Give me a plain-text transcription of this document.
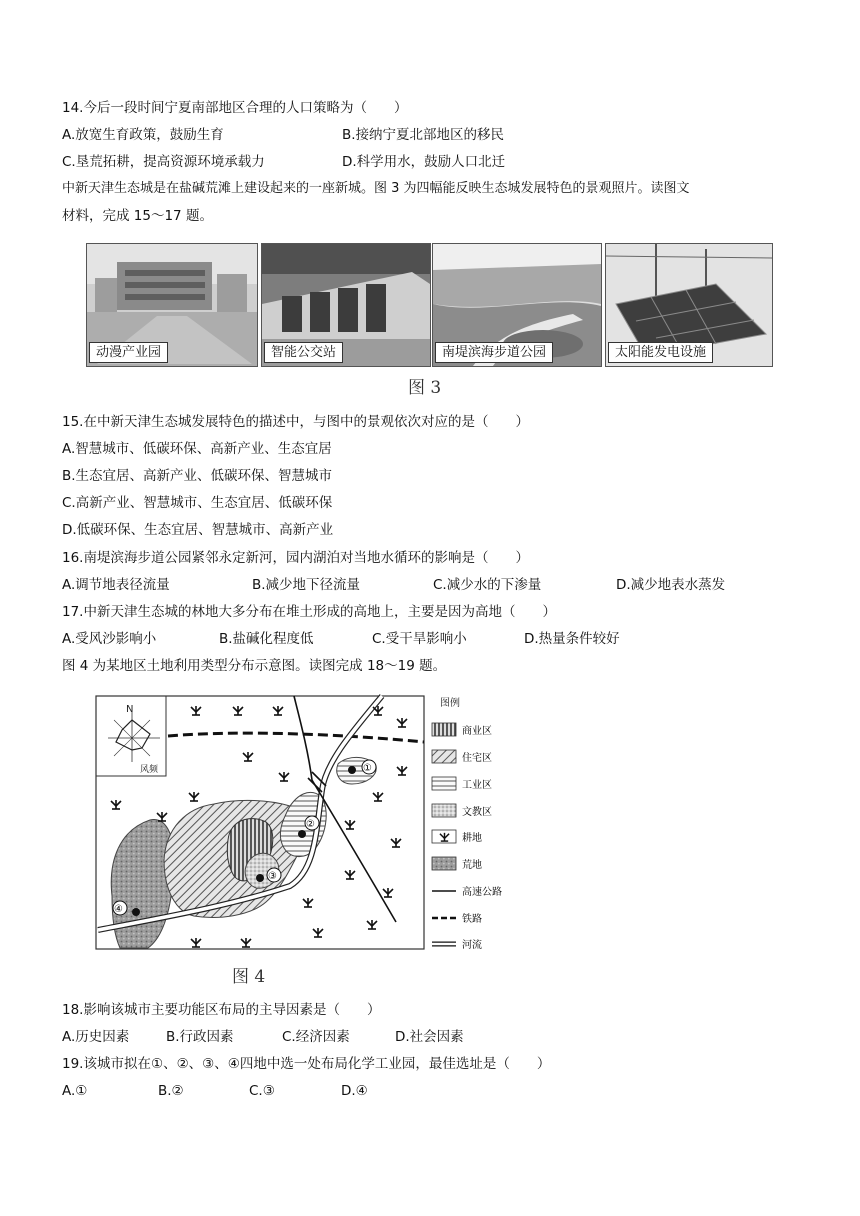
14.今后一段时间宁夏南部地区合理的人口策略为（　　）
A.放宽生育政策，鼓励生育	B.接纳宁夏北部地区的移民
C.垦荒拓耕，提高资源环境承载力	D.科学用水，鼓励人口北迁
中新天津生态城是在盐碱荒滩上建设起来的一座新城。图 3 为四幅能反映生态城发展特色的景观照片。读图文
材料，完成 15～17 题。
动漫产业园	智能公交站	南堤滨海步道公园	太阳能发电设施
图 3
15.在中新天津生态城发展特色的描述中，与图中的景观依次对应的是（　　）
A.智慧城市、低碳环保、高新产业、生态宜居
B.生态宜居、高新产业、低碳环保、智慧城市
C.高新产业、智慧城市、生态宜居、低碳环保
D.低碳环保、生态宜居、智慧城市、高新产业
16.南堤滨海步道公园紧邻永定新河，园内湖泊对当地水循环的影响是（　　）
A.调节地表径流量	B.减少地下径流量	C.减少水的下渗量	D.减少地表水蒸发
17.中新天津生态城的林地大多分布在堆土形成的高地上，主要是因为高地（　　）
A.受风沙影响小	B.盐碱化程度低	C.受干旱影响小	D.热量条件较好
图 4 为某地区土地利用类型分布示意图。读图完成 18～19 题。
N
风频	①
②
③
④
图例
商业区
住宅区
工业区
文教区
耕地
荒地
高速公路
铁路
河流
图 4
18.影响该城市主要功能区布局的主导因素是（　　）
A.历史因素	B.行政因素	C.经济因素	D.社会因素
19.该城市拟在①、②、③、④四地中选一处布局化学工业园，最佳选址是（　　）
A.①	B.②	C.③	D.④
